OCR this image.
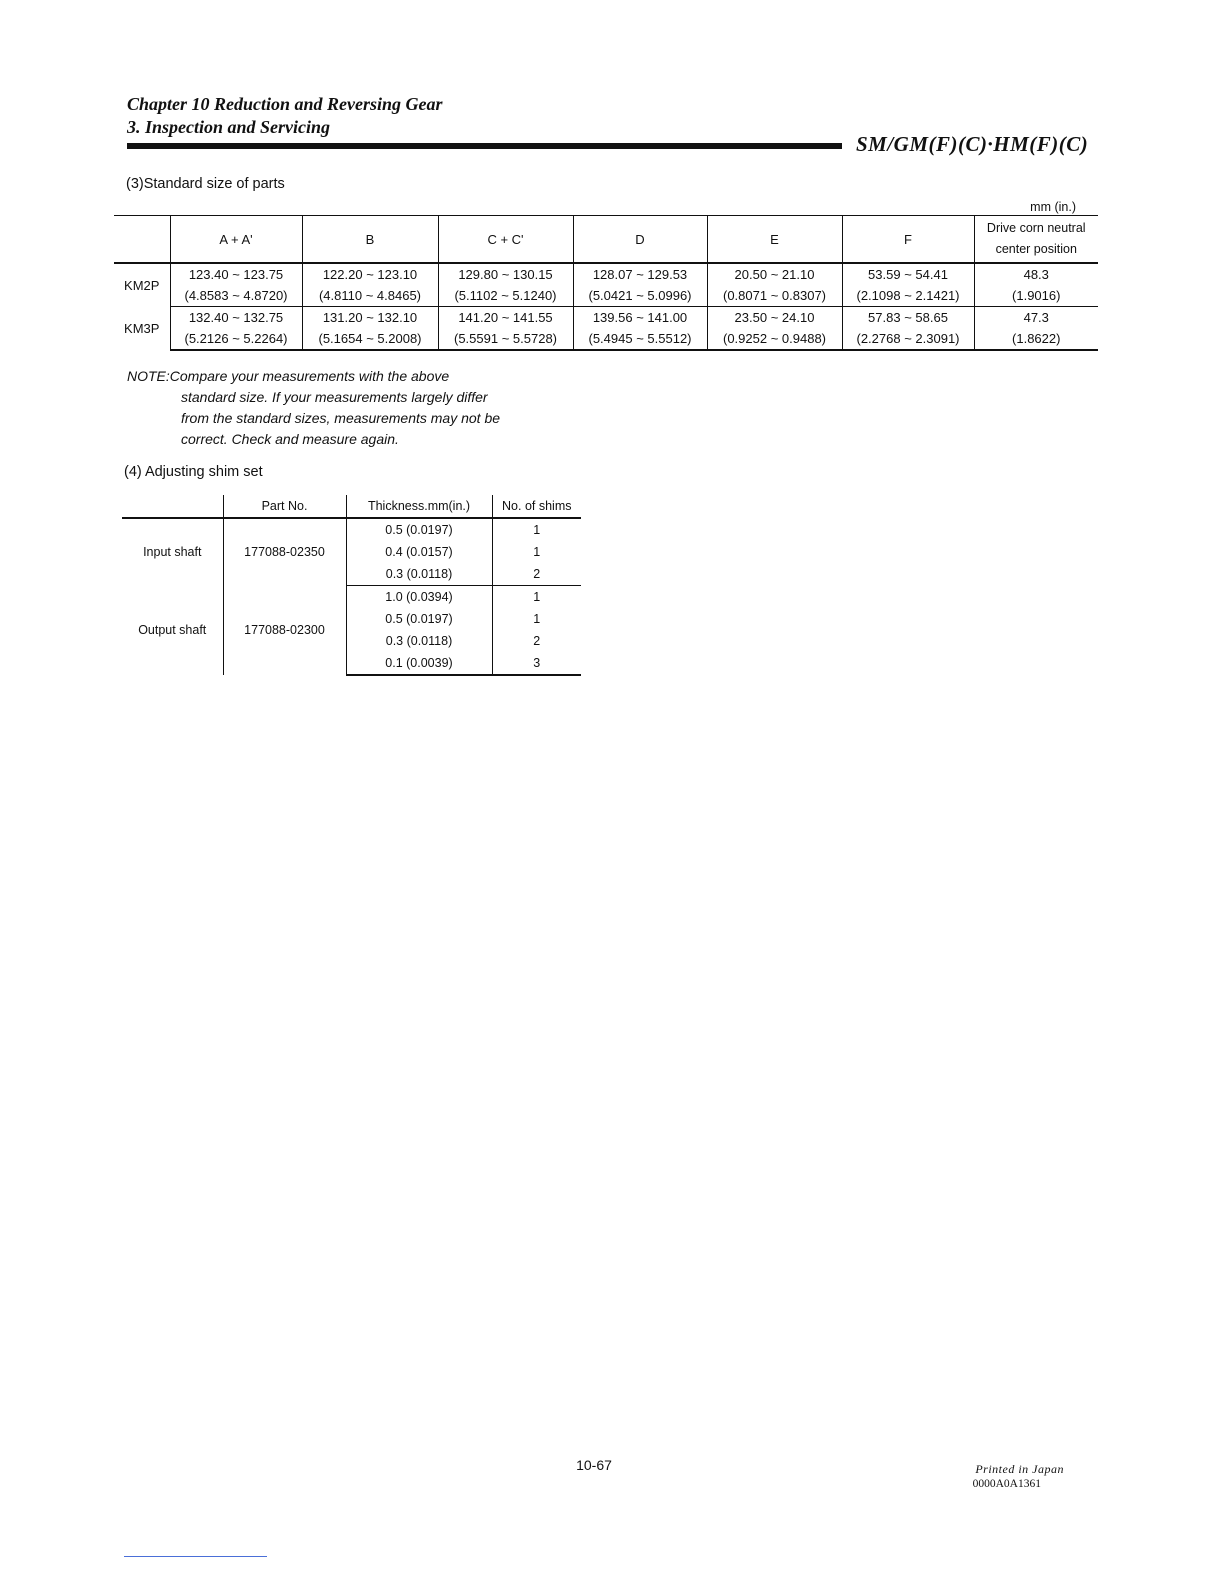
Chapter 10 Reduction and Reversing Gear
3. Inspection and Servicing
SM/GM(F)(C)·HM(F)(C)
(3)Standard size of parts
mm (in.)
	A + A'	B	C + C'	D	E	F	Drive corn neutral center position
KM2P	123.40 ~ 123.75	122.20 ~ 123.10	129.80 ~ 130.15	128.07 ~ 129.53	20.50 ~ 21.10	53.59 ~ 54.41	48.3
	(4.8583 ~ 4.8720)	(4.8110 ~ 4.8465)	(5.1102 ~ 5.1240)	(5.0421 ~ 5.0996)	(0.8071 ~ 0.8307)	(2.1098 ~ 2.1421)	(1.9016)
KM3P	132.40 ~ 132.75	131.20 ~ 132.10	141.20 ~ 141.55	139.56 ~ 141.00	23.50 ~ 24.10	57.83 ~ 58.65	47.3
	(5.2126 ~ 5.2264)	(5.1654 ~ 5.2008)	(5.5591 ~ 5.5728)	(5.4945 ~ 5.5512)	(0.9252 ~ 0.9488)	(2.2768 ~ 2.3091)	(1.8622)
NOTE:Compare your measurements with the above
standard size. If your measurements largely differ
from the standard sizes, measurements may not be
correct. Check and measure again.
(4) Adjusting shim set
	Part No.	Thickness.mm(in.)	No. of shims
Input shaft	177088-02350	0.5 (0.0197)	1
		0.4 (0.0157)	1
		0.3 (0.0118)	2
Output shaft	177088-02300	1.0 (0.0394)	1
		0.5 (0.0197)	1
		0.3 (0.0118)	2
		0.1 (0.0039)	3
10-67	Printed in Japan
0000A0A1361
